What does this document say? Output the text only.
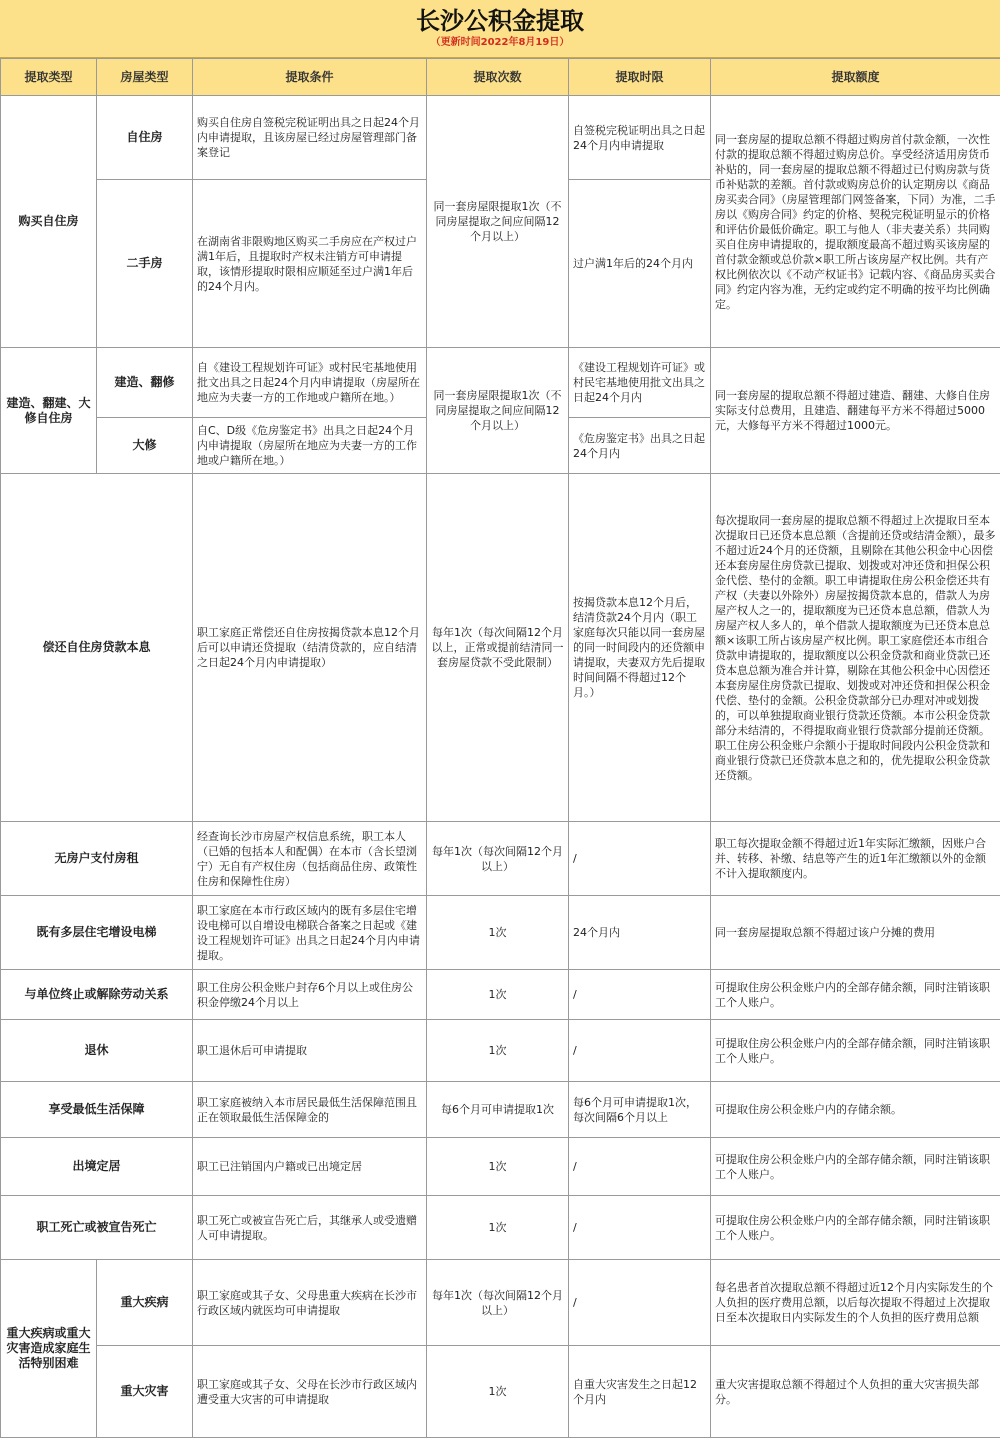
长沙公积金提取
（更新时间2022年8月19日）
提取类型	房屋类型	提取条件	提取次数	提取时限	提取额度
购买自住房	自住房	购买自住房自签税完税证明出具之日起24个月内申请提取，且该房屋已经过房屋管理部门备案登记	同一套房屋限提取1次（不同房屋提取之间应间隔12个月以上）	自签税完税证明出具之日起24个月内申请提取	同一套房屋的提取总额不得超过购房首付款金额，一次性付款的提取总额不得超过购房总价。享受经济适用房货币补贴的，同一套房屋的提取总额不得超过已付购房款与货币补贴款的差额。首付款或购房总价的认定期房以《商品房买卖合同》（房屋管理部门网签备案，下同）为准，二手房以《购房合同》约定的价格、契税完税证明显示的价格和评估价最低价确定。职工与他人（非夫妻关系）共同购买自住房申请提取的，提取额度最高不超过购买该房屋的首付款金额或总价款×职工所占该房屋产权比例。共有产权比例依次以《不动产权证书》记载内容、《商品房买卖合同》约定内容为准，无约定或约定不明确的按平均比例确定。
	二手房	在湖南省非限购地区购买二手房应在产权过户满1年后，且提取时产权未注销方可申请提取，该情形提取时限相应顺延至过户满1年后的24个月内。		过户满1年后的24个月内	
建造、翻建、大修自住房	建造、翻修	自《建设工程规划许可证》或村民宅基地使用批文出具之日起24个月内申请提取（房屋所在地应为夫妻一方的工作地或户籍所在地。）	同一套房屋限提取1次（不同房屋提取之间应间隔12个月以上）	《建设工程规划许可证》或村民宅基地使用批文出具之日起24个月内	同一套房屋的提取总额不得超过建造、翻建、大修自住房实际支付总费用，且建造、翻建每平方米不得超过5000元，大修每平方米不得超过1000元。
	大修	自C、D级《危房鉴定书》出具之日起24个月内申请提取（房屋所在地应为夫妻一方的工作地或户籍所在地。）		《危房鉴定书》出具之日起24个月内	
偿还自住房贷款本息		职工家庭正常偿还自住房按揭贷款本息12个月后可以申请还贷提取（结清贷款的，应自结清之日起24个月内申请提取）	每年1次（每次间隔12个月以上，正常或提前结清同一套房屋贷款不受此限制）	按揭贷款本息12个月后，结清贷款24个月内（职工家庭每次只能以同一套房屋的同一时间段内的还贷额申请提取，夫妻双方先后提取时间间隔不得超过12个月。）	每次提取同一套房屋的提取总额不得超过上次提取日至本次提取日已还贷本息总额（含提前还贷或结清金额），最多不超过近24个月的还贷额，且剔除在其他公积金中心因偿还本套房屋住房贷款已提取、划拨或对冲还贷和担保公积金代偿、垫付的金额。职工申请提取住房公积金偿还共有产权（夫妻以外除外）房屋按揭贷款本息的，借款人为房屋产权人之一的，提取额度为已还贷本息总额，借款人为房屋产权人多人的，单个借款人提取额度为已还贷本息总额×该职工所占该房屋产权比例。职工家庭偿还本市组合贷款申请提取的，提取额度以公积金贷款和商业贷款已还贷本息总额为准合并计算，剔除在其他公积金中心因偿还本套房屋住房贷款已提取、划拨或对冲还贷和担保公积金代偿、垫付的金额。公积金贷款部分已办理对冲或划拨的，可以单独提取商业银行贷款还贷额。本市公积金贷款部分未结清的，不得提取商业银行贷款部分提前还贷额。职工住房公积金账户余额小于提取时间段内公积金贷款和商业银行贷款已还贷款本息之和的，优先提取公积金贷款还贷额。
无房户支付房租		经查询长沙市房屋产权信息系统，职工本人（已婚的包括本人和配偶）在本市（含长望浏宁）无自有产权住房（包括商品住房、政策性住房和保障性住房）	每年1次（每次间隔12个月以上）	/	职工每次提取金额不得超过近1年实际汇缴额，因账户合并、转移、补缴、结息等产生的近1年汇缴额以外的金额不计入提取额度内。
既有多层住宅增设电梯		职工家庭在本市行政区域内的既有多层住宅增设电梯可以自增设电梯联合备案之日起或《建设工程规划许可证》出具之日起24个月内申请提取。	1次	24个月内	同一套房屋提取总额不得超过该户分摊的费用
与单位终止或解除劳动关系		职工住房公积金账户封存6个月以上或住房公积金停缴24个月以上	1次	/	可提取住房公积金账户内的全部存储余额，同时注销该职工个人账户。
退休		职工退休后可申请提取	1次	/	可提取住房公积金账户内的全部存储余额，同时注销该职工个人账户。
享受最低生活保障		职工家庭被纳入本市居民最低生活保障范围且正在领取最低生活保障金的	每6个月可申请提取1次	每6个月可申请提取1次，每次间隔6个月以上	可提取住房公积金账户内的存储余额。
出境定居		职工已注销国内户籍或已出境定居	1次	/	可提取住房公积金账户内的全部存储余额，同时注销该职工个人账户。
职工死亡或被宣告死亡		职工死亡或被宣告死亡后，其继承人或受遗赠人可申请提取。	1次	/	可提取住房公积金账户内的全部存储余额，同时注销该职工个人账户。
重大疾病或重大灾害造成家庭生活特别困难	重大疾病	职工家庭或其子女、父母患重大疾病在长沙市行政区域内就医均可申请提取	每年1次（每次间隔12个月以上）	/	每名患者首次提取总额不得超过近12个月内实际发生的个人负担的医疗费用总额，以后每次提取不得超过上次提取日至本次提取日内实际发生的个人负担的医疗费用总额
	重大灾害	职工家庭或其子女、父母在长沙市行政区域内遭受重大灾害的可申请提取	1次	自重大灾害发生之日起12个月内	重大灾害提取总额不得超过个人负担的重大灾害损失部分。
